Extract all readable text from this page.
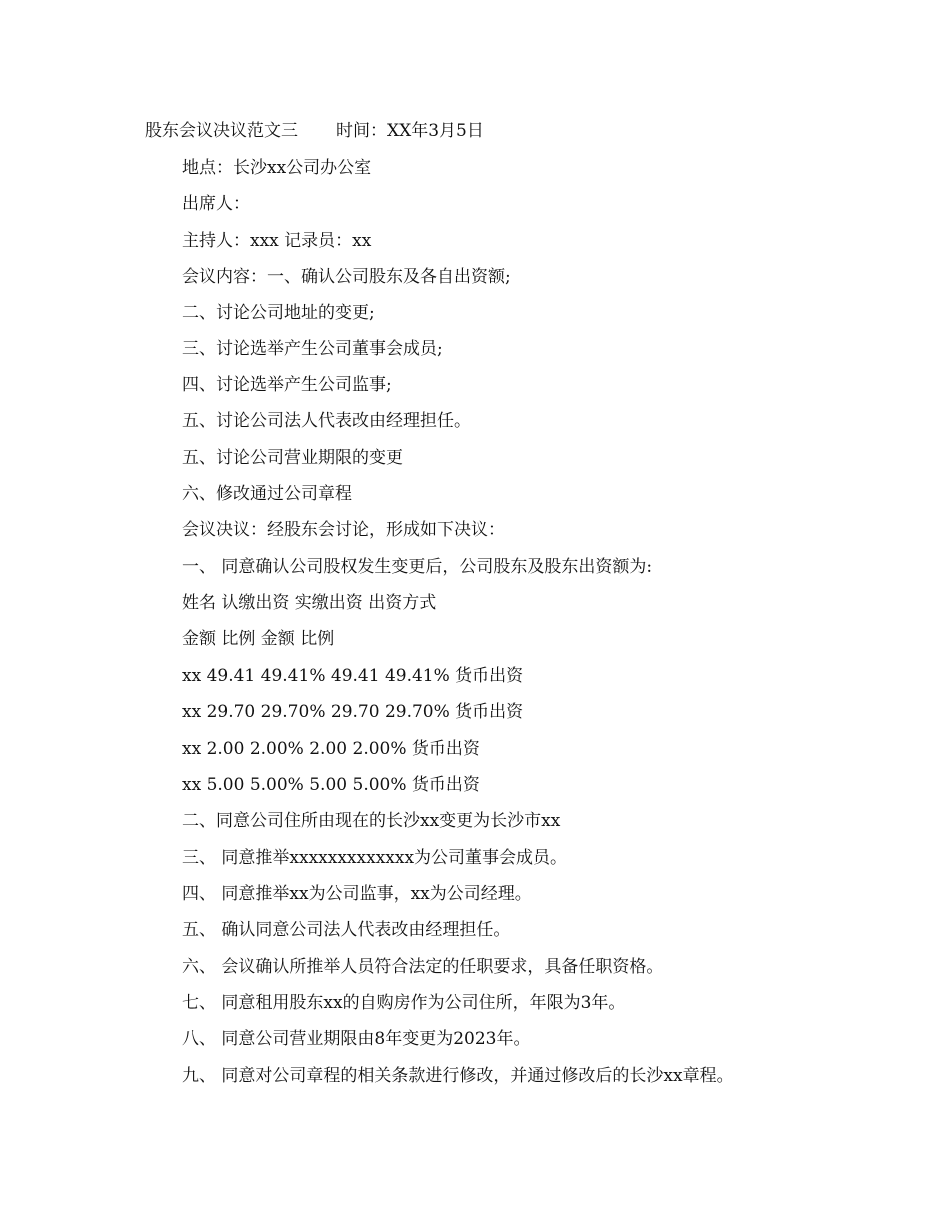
股东会议决议范文三 时间：XX年3月5日
地点：长沙xx公司办公室
出席人：
主持人：xxx 记录员：xx
会议内容：一、确认公司股东及各自出资额;
二、讨论公司地址的变更;
三、讨论选举产生公司董事会成员;
四、讨论选举产生公司监事;
五、讨论公司法人代表改由经理担任。
五、讨论公司营业期限的变更
六、修改通过公司章程
会议决议：经股东会讨论，形成如下决议：
一、 同意确认公司股权发生变更后，公司股东及股东出资额为:
姓名 认缴出资 实缴出资 出资方式
金额 比例 金额 比例
xx 49.41 49.41% 49.41 49.41% 货币出资
xx 29.70 29.70% 29.70 29.70% 货币出资
xx 2.00 2.00% 2.00 2.00% 货币出资
xx 5.00 5.00% 5.00 5.00% 货币出资
二、同意公司住所由现在的长沙xx变更为长沙市xx
三、 同意推举xxxxxxxxxxxxx为公司董事会成员。
四、 同意推举xx为公司监事，xx为公司经理。
五、 确认同意公司法人代表改由经理担任。
六、 会议确认所推举人员符合法定的任职要求，具备任职资格。
七、 同意租用股东xx的自购房作为公司住所，年限为3年。
八、 同意公司营业期限由8年变更为2023年。
九、 同意对公司章程的相关条款进行修改，并通过修改后的长沙xx章程。
